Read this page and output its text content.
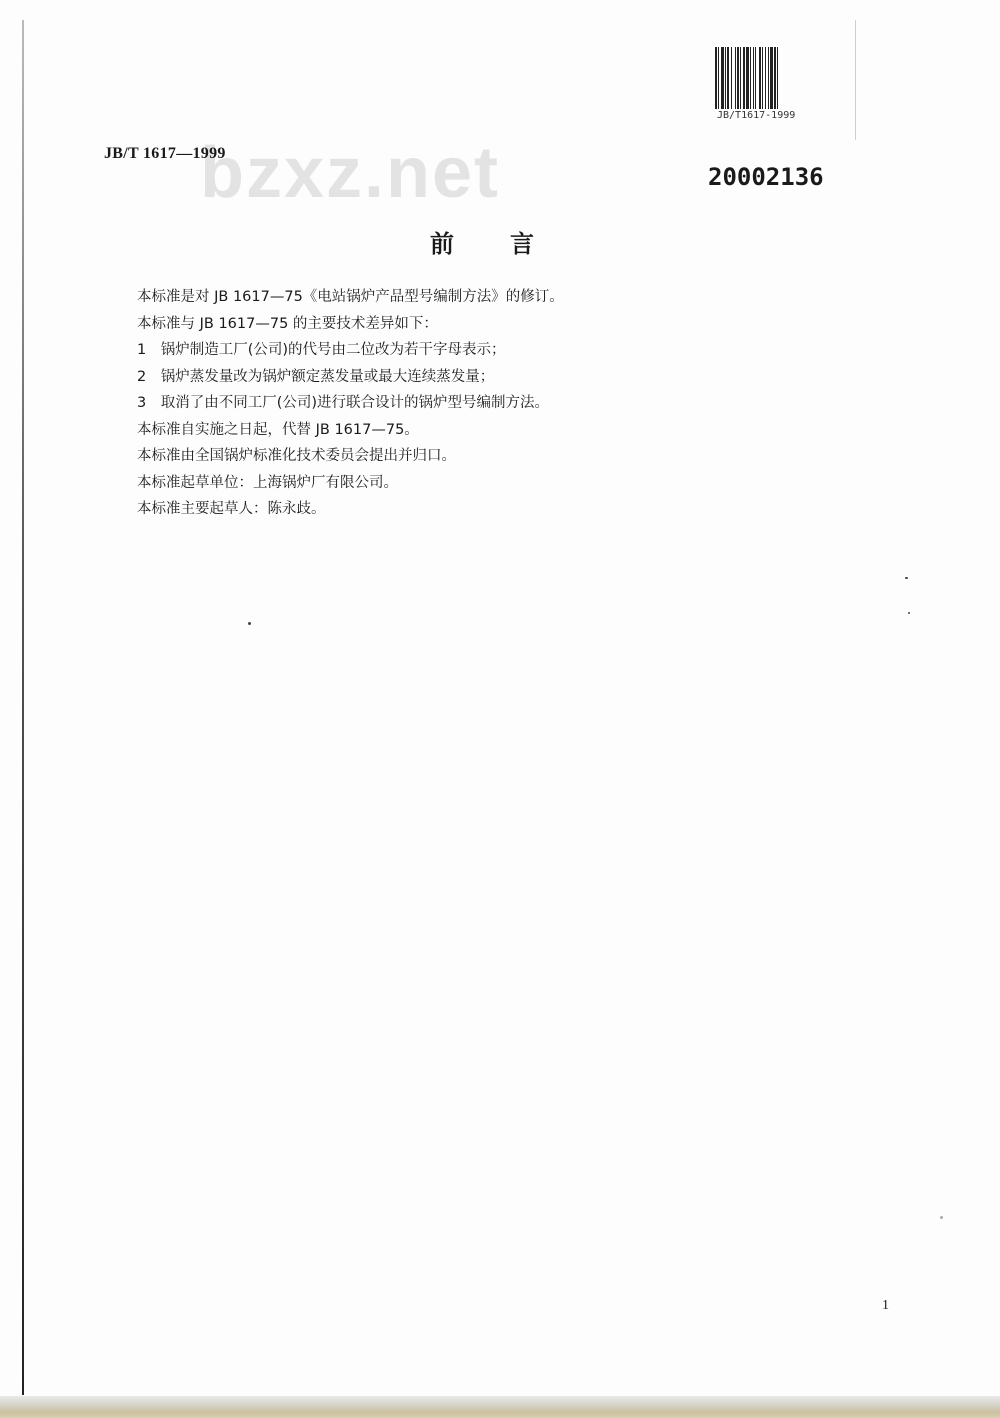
bzxz.net
JB/T 1617—1999
JB/T1617-1999
20002136
前言

本标准是对 JB 1617—75《电站锅炉产品型号编制方法》的修订。

本标准与 JB 1617—75 的主要技术差异如下：

1　锅炉制造工厂(公司)的代号由二位改为若干字母表示；

2　锅炉蒸发量改为锅炉额定蒸发量或最大连续蒸发量；

3　取消了由不同工厂(公司)进行联合设计的锅炉型号编制方法。

本标准自实施之日起，代替 JB 1617—75。

本标准由全国锅炉标准化技术委员会提出并归口。

本标准起草单位：上海锅炉厂有限公司。

本标准主要起草人：陈永歧。

1
